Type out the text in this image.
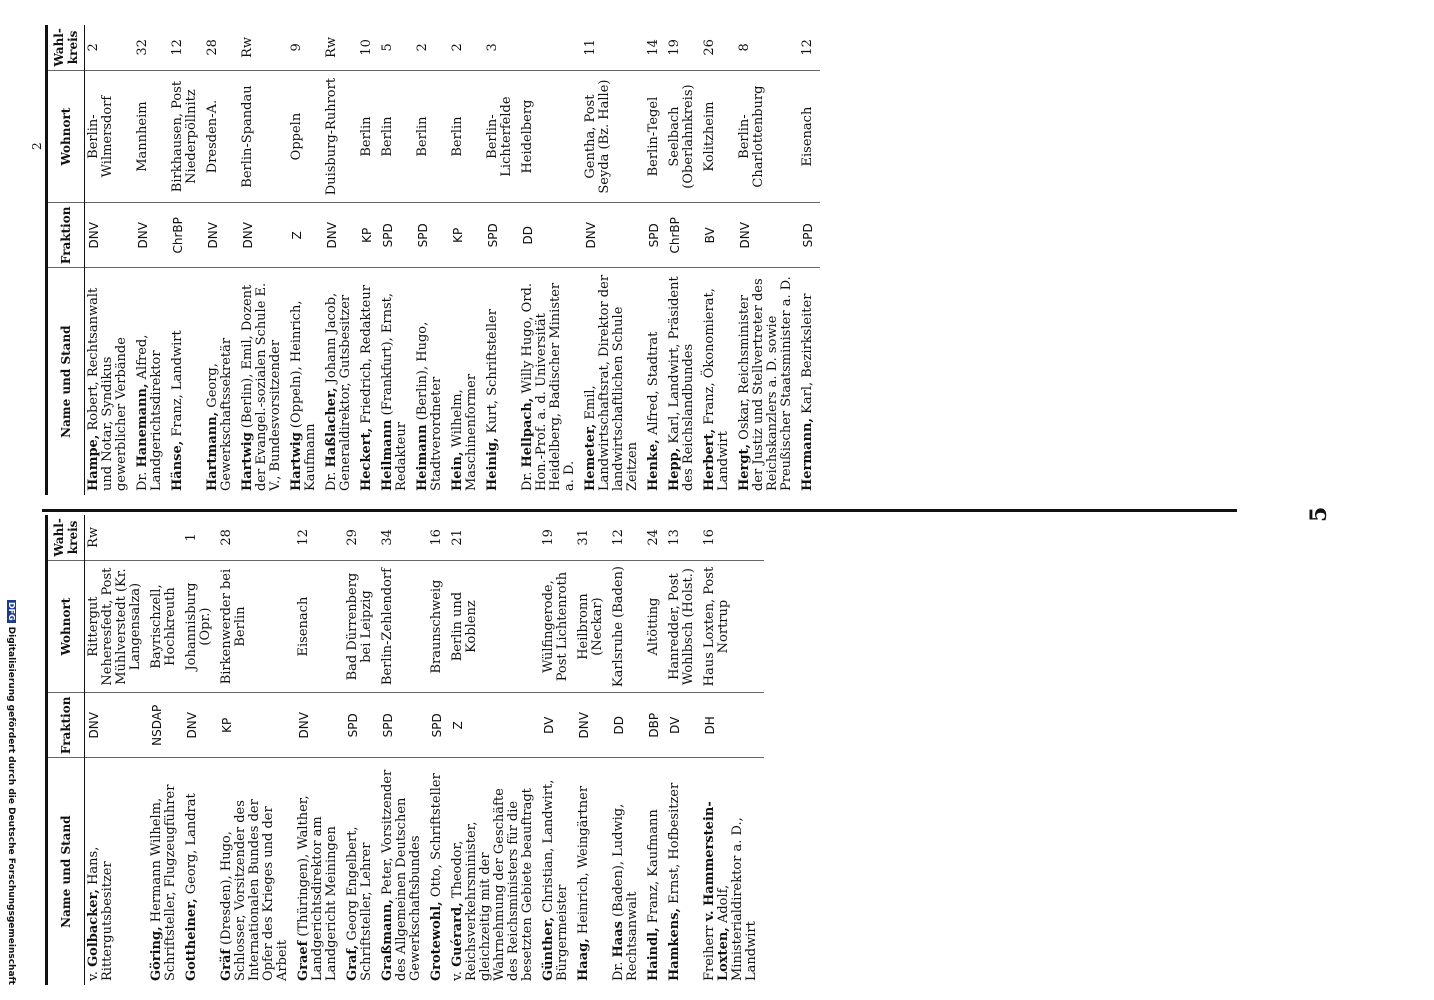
5
2
Name und Stand	Fraktion	Wohnort	Wahl-
kreis
v. Golbacker, Hans, Rittergutsbesitzer	DNV	Rittergut Neheresfedt, Post Mühlverstedt (Kr. Langensalza)	Rw
Göring, Hermann Wilhelm, Schriftsteller, Flugzeugführer	NSDAP	Bayrischzell, Hochkreuth	
Gottheiner, Georg, Landrat	DNV	Johannisburg (Opr.)	1
Gräf (Dresden), Hugo, Schlosser, Vorsitzender des Internationalen Bundes der Opfer des Krieges und der Arbeit	KP	Birkenwerder bei Berlin	28
Graef (Thüringen), Walther, Landgerichtsdirektor am Landgericht Meiningen	DNV	Eisenach	12
Graf, Georg Engelbert, Schriftsteller, Lehrer	SPD	Bad Dürrenberg bei Leipzig	29
Graßmann, Peter, Vorsitzender des Allgemeinen Deutschen Gewerkschaftsbundes	SPD	Berlin-Zehlendorf	34
Grotewohl, Otto, Schriftsteller	SPD	Braunschweig	16
v. Guérard, Theodor, Reichsverkehrsminister, gleichzeitig mit der Wahrnehmung der Geschäfte des Reichsministers für die besetzten Gebiete beauftragt	Z	Berlin und Koblenz	21
Günther, Christian, Landwirt, Bürgermeister	DV	Wülfingerode, Post Lichtenroth	19
Haag, Heinrich, Weingärtner	DNV	Heilbronn (Neckar)	31
Dr. Haas (Baden), Ludwig, Rechtsanwalt	DD	Karlsruhe (Baden)	12
Haindl, Franz, Kaufmann	DBP	Altötting	24
Hamkens, Ernst, Hofbesitzer	DV	Hanredder, Post Wohlbsch (Holst.)	13
Freiherr v. Hammerstein-Loxten, Adolf, Ministerialdirektor a. D., Landwirt	DH	Haus Loxten, Post Nortrup	16
Name und Stand	Fraktion	Wohnort	Wahl-
kreis
Hampe, Robert, Rechtsanwalt und Notar, Syndikus gewerblicher Verbände	DNV	Berlin-Wilmersdorf	2
Dr. Hanemann, Alfred, Landgerichtsdirektor	DNV	Mannheim	32
Hänse, Franz, Landwirt	ChrBP	Birkhausen, Post Niederpöllnitz	12
Hartmann, Georg, Gewerkschaftssekretär	DNV	Dresden-A.	28
Hartwig (Berlin), Emil, Dozent der Evangel.-sozialen Schule E. V., Bundesvorsitzender	DNV	Berlin-Spandau	Rw
Hartwig (Oppeln), Heinrich, Kaufmann	Z	Oppeln	9
Dr. Haßlacher, Johann Jacob, Generaldirektor, Gutsbesitzer	DNV	Duisburg-Ruhrort	Rw
Heckert, Friedrich, Redakteur	KP	Berlin	10
Heilmann (Frankfurt), Ernst, Redakteur	SPD	Berlin	5
Heimann (Berlin), Hugo, Stadtverordneter	SPD	Berlin	2
Hein, Wilhelm, Maschinenformer	KP	Berlin	2
Heinig, Kurt, Schriftsteller	SPD	Berlin-Lichterfelde	3
Dr. Hellpach, Willy Hugo, Ord. Hon.-Prof. a. d. Universität Heidelberg, Badischer Minister a. D.	DD	Heidelberg	
Hemeter, Emil, Landwirtschaftsrat, Direktor der landwirtschaftlichen Schule Zeitzen	DNV	Gentha, Post Seyda (Bz. Halle)	11
Henke, Alfred, Stadtrat	SPD	Berlin-Tegel	14
Hepp, Karl, Landwirt, Präsident des Reichslandbundes	ChrBP	Seelbach (Oberlahnkreis)	19
Herbert, Franz, Ökonomierat, Landwirt	BV	Kolitzheim	26
Hergt, Oskar, Reichsminister der Justiz und Stellvertreter des Reichskanzlers a. D. sowie Preußischer Staatsminister a. D.	DNV	Berlin-Charlottenburg	8
Hermann, Karl, Bezirksleiter	SPD	Eisenach	12
DFGDigitalisierung gefördert durch die Deutsche Forschungsgemeinschaft
